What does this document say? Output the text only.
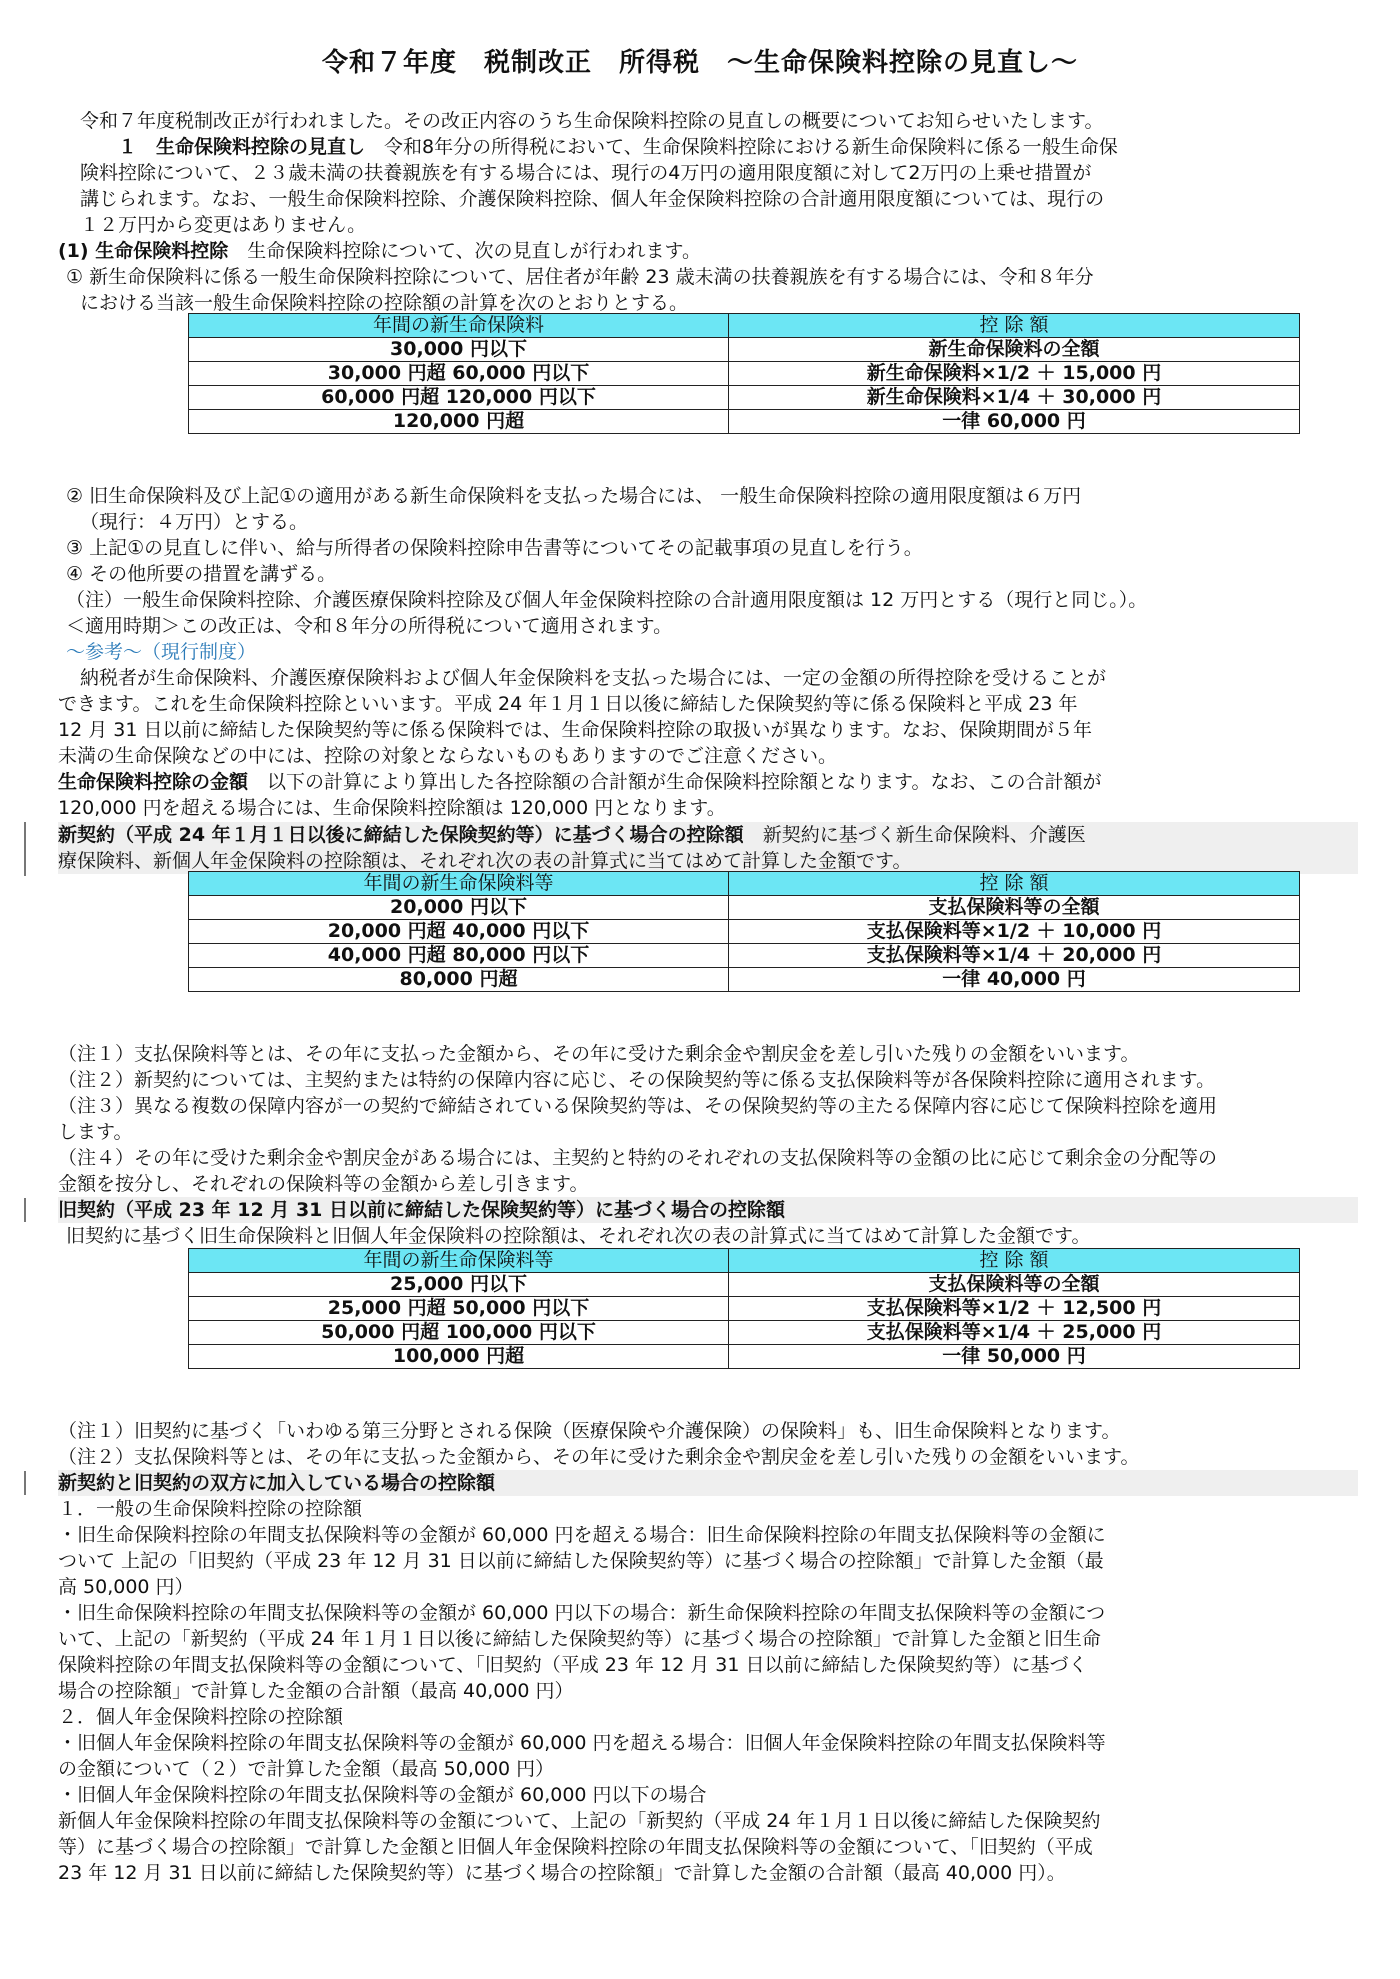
令和７年度　税制改正　所得税　～生命保険料控除の見直し～
令和７年度税制改正が行われました。その改正内容のうち生命保険料控除の見直しの概要についてお知らせいたします。
１　生命保険料控除の見直し　 令和8年分の所得税において、生命保険料控除における新生命保険料に係る一般生命保
険料控除について、２３歳未満の扶養親族を有する場合には、現行の4万円の適用限度額に対して2万円の上乗せ措置が
講じられます。なお、一般生命保険料控除、介護保険料控除、個人年金保険料控除の合計適用限度額については、現行の
１２万円から変更はありません。
(1) 生命保険料控除　 生命保険料控除について、次の見直しが行われます。
① 新生命保険料に係る一般生命保険料控除について、居住者が年齢 23 歳未満の扶養親族を有する場合には、令和８年分
における当該一般生命保険料控除の控除額の計算を次のとおりとする。
年間の新生命保険料	控 除 額
30,000 円以下	新生命保険料の全額
30,000 円超 60,000 円以下	新生命保険料×1/2 ＋ 15,000 円
60,000 円超 120,000 円以下	新生命保険料×1/4 ＋ 30,000 円
120,000 円超	一律 60,000 円
② 旧生命保険料及び上記①の適用がある新生命保険料を支払った場合には、 一般生命保険料控除の適用限度額は６万円
（現行：４万円）とする。
③ 上記①の見直しに伴い、給与所得者の保険料控除申告書等についてその記載事項の見直しを行う。
④ その他所要の措置を講ずる。
（注）一般生命保険料控除、介護医療保険料控除及び個人年金保険料控除の合計適用限度額は 12 万円とする（現行と同じ。）。
＜適用時期＞この改正は、令和８年分の所得税について適用されます。
～参考～（現行制度）
納税者が生命保険料、介護医療保険料および個人年金保険料を支払った場合には、一定の金額の所得控除を受けることが
できます。これを生命保険料控除といいます。平成 24 年１月１日以後に締結した保険契約等に係る保険料と平成 23 年
12 月 31 日以前に締結した保険契約等に係る保険料では、生命保険料控除の取扱いが異なります。なお、保険期間が５年
未満の生命保険などの中には、控除の対象とならないものもありますのでご注意ください。
生命保険料控除の金額　 以下の計算により算出した各控除額の合計額が生命保険料控除額となります。なお、この合計額が
120,000 円を超える場合には、生命保険料控除額は 120,000 円となります。
新契約（平成 24 年１月１日以後に締結した保険契約等）に基づく場合の控除額　 新契約に基づく新生命保険料、介護医
療保険料、新個人年金保険料の控除額は、それぞれ次の表の計算式に当てはめて計算した金額です。
年間の新生命保険料等	控 除 額
20,000 円以下	支払保険料等の全額
20,000 円超 40,000 円以下	支払保険料等×1/2 ＋ 10,000 円
40,000 円超 80,000 円以下	支払保険料等×1/4 ＋ 20,000 円
80,000 円超	一律 40,000 円
（注１）支払保険料等とは、その年に支払った金額から、その年に受けた剰余金や割戻金を差し引いた残りの金額をいいます。
（注２）新契約については、主契約または特約の保障内容に応じ、その保険契約等に係る支払保険料等が各保険料控除に適用されます。
（注３）異なる複数の保障内容が一の契約で締結されている保険契約等は、その保険契約等の主たる保障内容に応じて保険料控除を適用
します。
（注４）その年に受けた剰余金や割戻金がある場合には、主契約と特約のそれぞれの支払保険料等の金額の比に応じて剰余金の分配等の
金額を按分し、それぞれの保険料等の金額から差し引きます。
旧契約（平成 23 年 12 月 31 日以前に締結した保険契約等）に基づく場合の控除額
旧契約に基づく旧生命保険料と旧個人年金保険料の控除額は、それぞれ次の表の計算式に当てはめて計算した金額です。
年間の新生命保険料等	控 除 額
25,000 円以下	支払保険料等の全額
25,000 円超 50,000 円以下	支払保険料等×1/2 ＋ 12,500 円
50,000 円超 100,000 円以下	支払保険料等×1/4 ＋ 25,000 円
100,000 円超	一律 50,000 円
（注１）旧契約に基づく「いわゆる第三分野とされる保険（医療保険や介護保険）の保険料」も、旧生命保険料となります。
（注２）支払保険料等とは、その年に支払った金額から、その年に受けた剰余金や割戻金を差し引いた残りの金額をいいます。
新契約と旧契約の双方に加入している場合の控除額
１．一般の生命保険料控除の控除額
・旧生命保険料控除の年間支払保険料等の金額が 60,000 円を超える場合：旧生命保険料控除の年間支払保険料等の金額に
ついて 上記の「旧契約（平成 23 年 12 月 31 日以前に締結した保険契約等）に基づく場合の控除額」で計算した金額（最
高 50,000 円）
・旧生命保険料控除の年間支払保険料等の金額が 60,000 円以下の場合：新生命保険料控除の年間支払保険料等の金額につ
いて、上記の「新契約（平成 24 年１月１日以後に締結した保険契約等）に基づく場合の控除額」で計算した金額と旧生命
保険料控除の年間支払保険料等の金額について、「旧契約（平成 23 年 12 月 31 日以前に締結した保険契約等）に基づく
場合の控除額」で計算した金額の合計額（最高 40,000 円）
２．個人年金保険料控除の控除額
・旧個人年金保険料控除の年間支払保険料等の金額が 60,000 円を超える場合：旧個人年金保険料控除の年間支払保険料等
の金額について（２）で計算した金額（最高 50,000 円）
・旧個人年金保険料控除の年間支払保険料等の金額が 60,000 円以下の場合
新個人年金保険料控除の年間支払保険料等の金額について、上記の「新契約（平成 24 年１月１日以後に締結した保険契約
等）に基づく場合の控除額」で計算した金額と旧個人年金保険料控除の年間支払保険料等の金額について、「旧契約（平成
23 年 12 月 31 日以前に締結した保険契約等）に基づく場合の控除額」で計算した金額の合計額（最高 40,000 円）。
